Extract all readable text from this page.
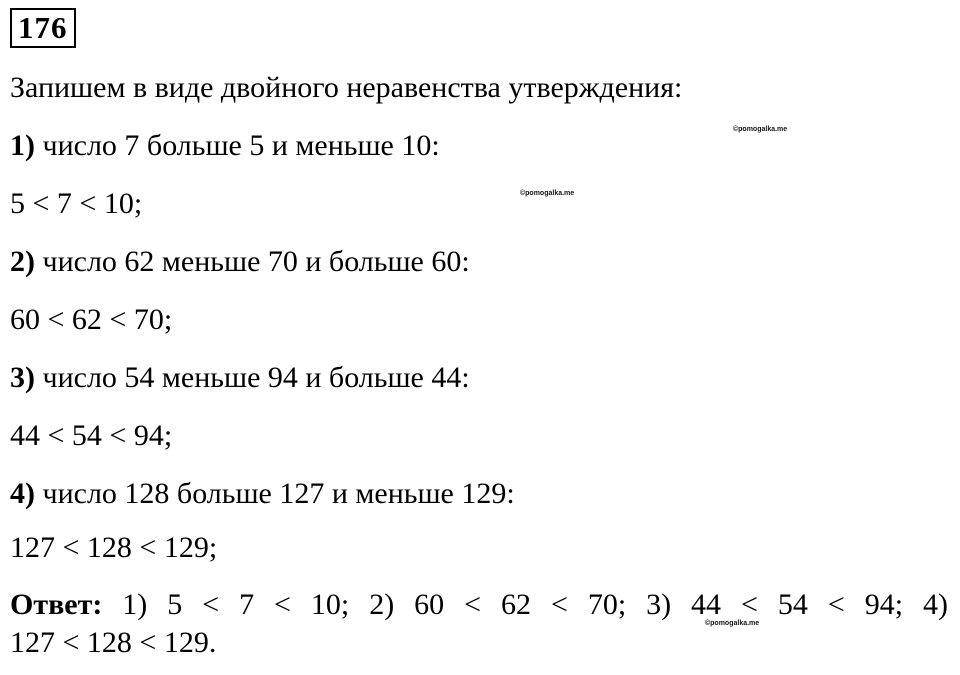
176
Запишем в виде двойного неравенства утверждения:
1) число 7 больше 5 и меньше 10:
5 < 7 < 10;
2) число 62 меньше 70 и больше 60:
60 < 62 < 70;
3) число 54 меньше 94 и больше 44:
44 < 54 < 94;
4) число 128 больше 127 и меньше 129:
127 < 128 < 129;
Ответ: 1) 5 < 7 < 10; 2) 60 < 62 < 70; 3) 44 < 54 < 94; 4)
127 < 128 < 129.
©pomogalka.me
©pomogalka.me
©pomogalka.me
